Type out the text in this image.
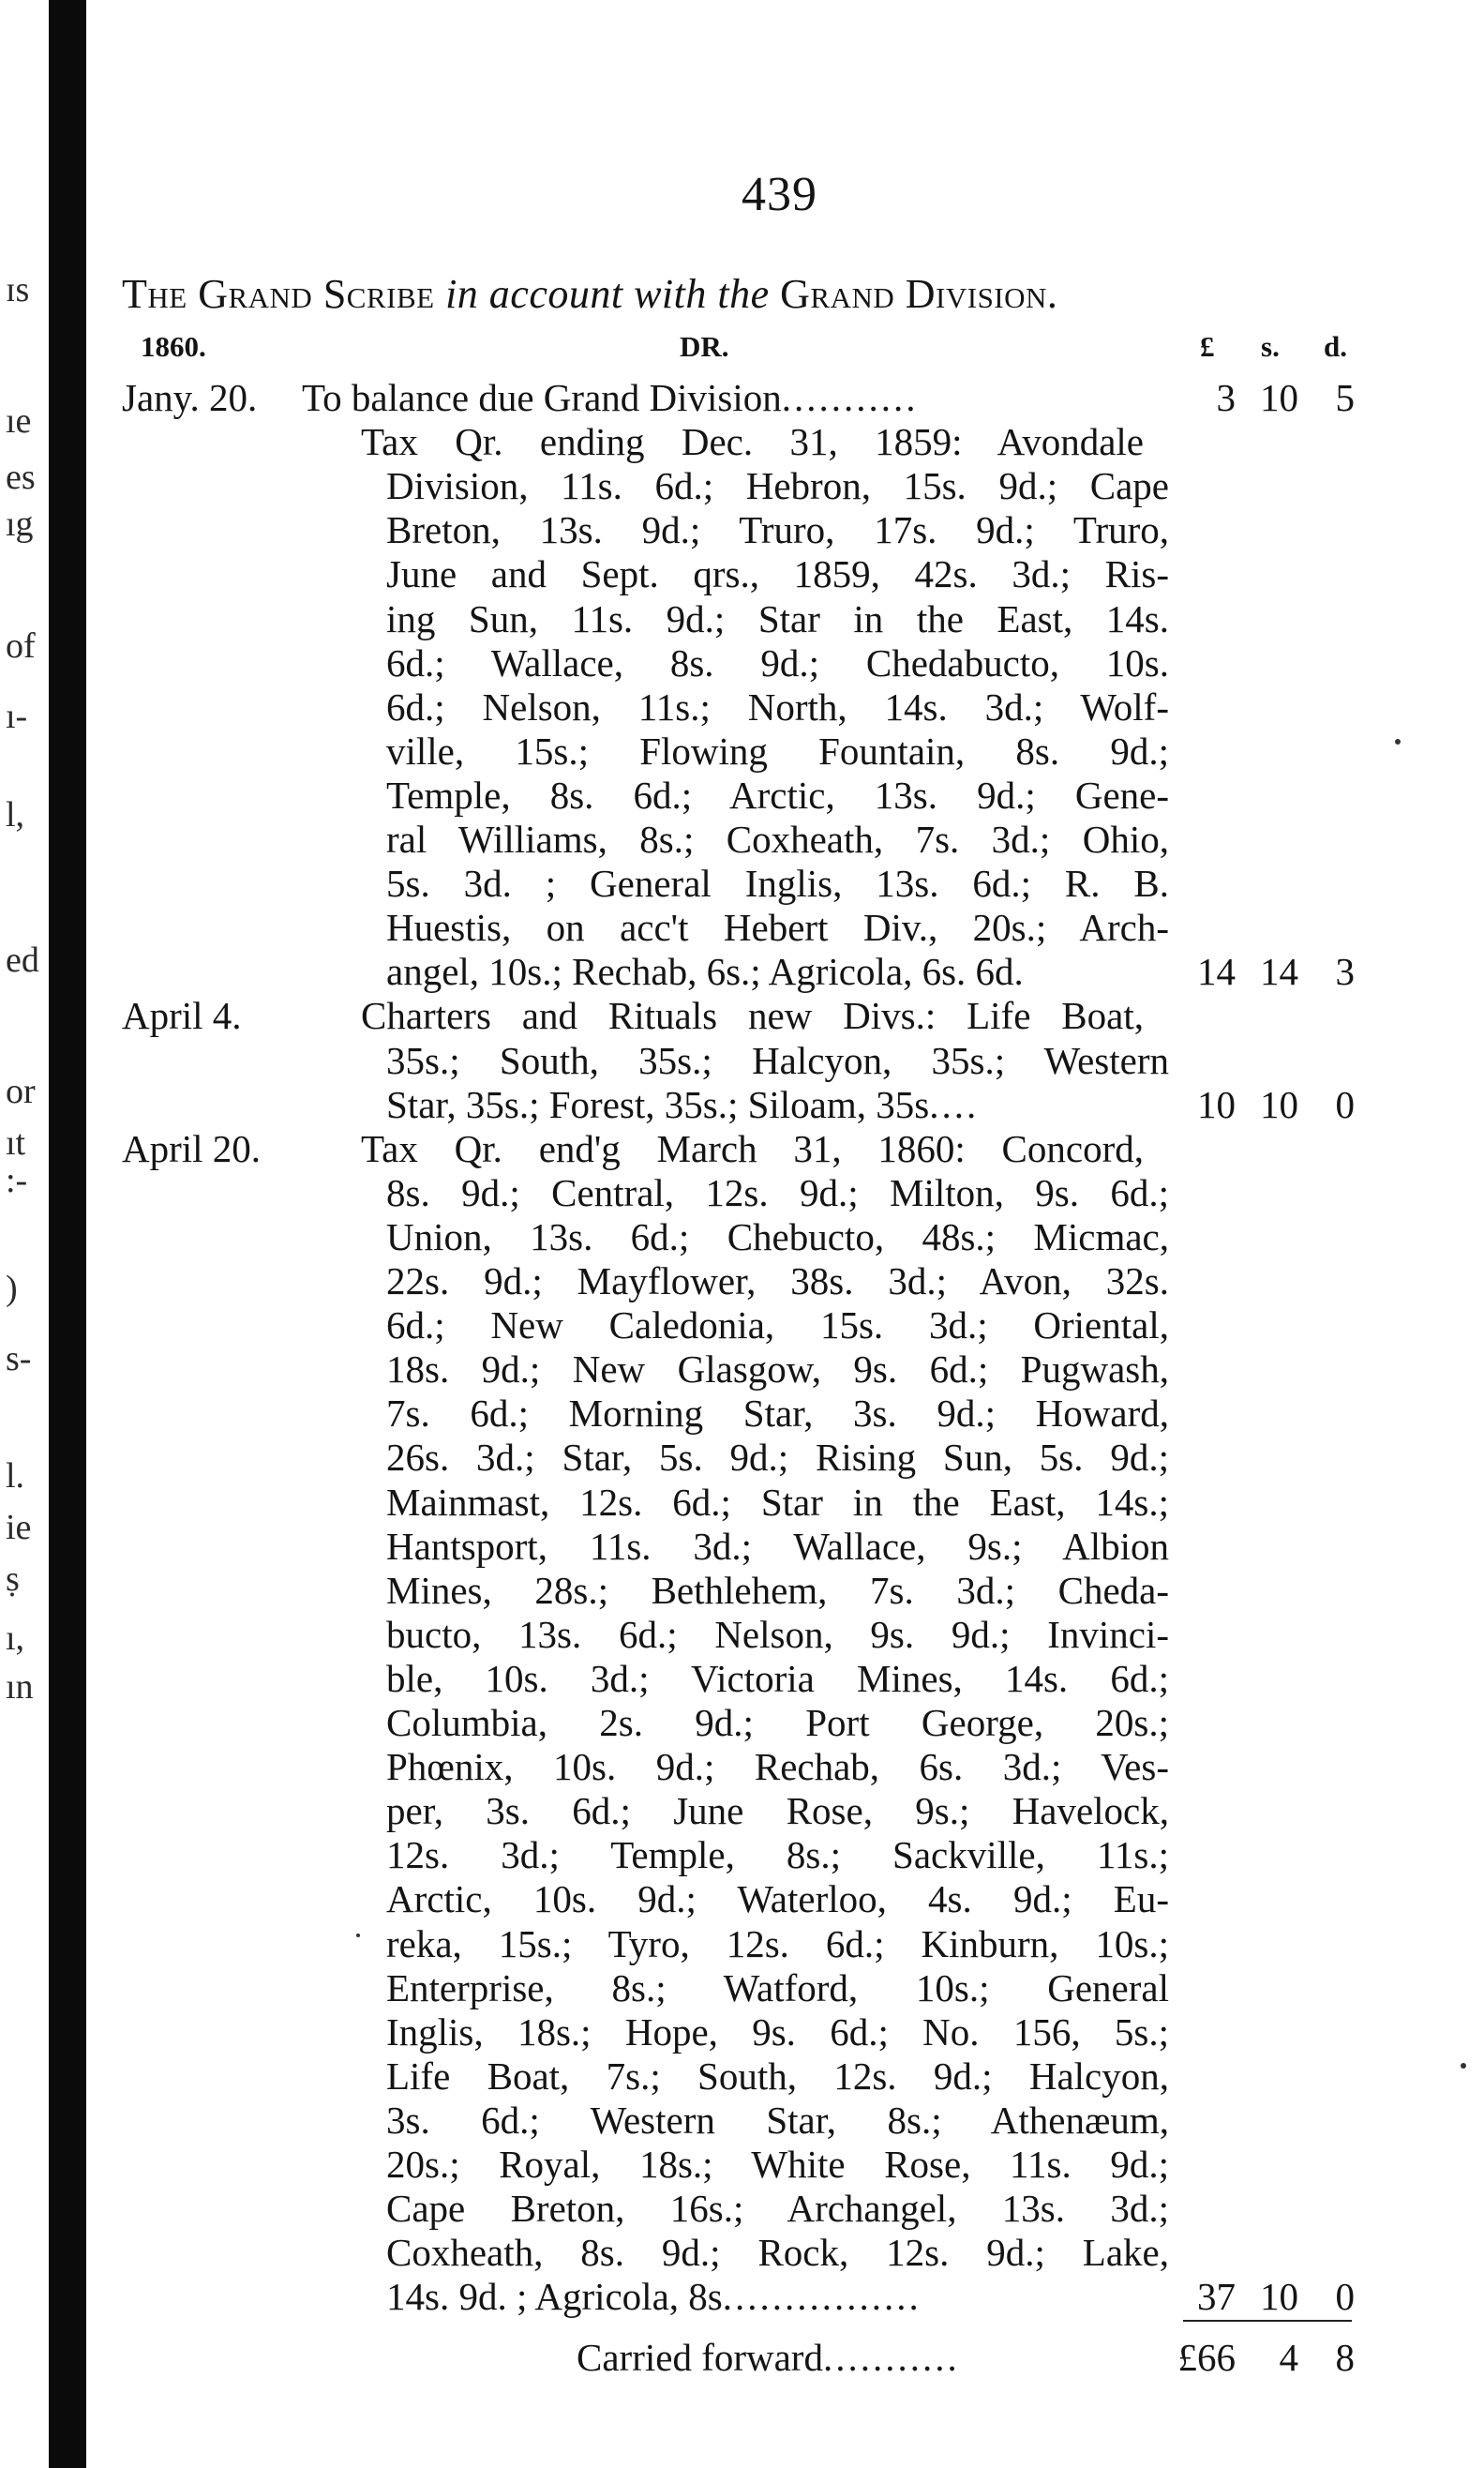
ɪs
ıe
es
ıg
of
ı-
l,
ed
or
ıt
:-
)
s-
l.
ie
ṣ
ı,
ın
439
The Grand Scribe in account with the Grand Division.
1860.	DR.	£ s. d.
Jany. 20. To balance due Grand Division...........	3 10 5
Tax Qr. ending Dec. 31, 1859: Avondale
Division, 11s. 6d.; Hebron, 15s. 9d.; Cape
Breton, 13s. 9d.; Truro, 17s. 9d.; Truro,
June and Sept. qrs., 1859, 42s. 3d.; Ris-
ing Sun, 11s. 9d.; Star in the East, 14s.
6d.; Wallace, 8s. 9d.; Chedabucto, 10s.
6d.; Nelson, 11s.; North, 14s. 3d.; Wolf-
ville, 15s.; Flowing Fountain, 8s. 9d.;
Temple, 8s. 6d.; Arctic, 13s. 9d.; Gene-
ral Williams, 8s.; Coxheath, 7s. 3d.; Ohio,
5s. 3d. ; General Inglis, 13s. 6d.; R. B.
Huestis, on acc't Hebert Div., 20s.; Arch-
angel, 10s.; Rechab, 6s.; Agricola, 6s. 6d.	14 14 3
April 4.	Charters and Rituals new Divs.: Life Boat,
35s.; South, 35s.; Halcyon, 35s.; Western
Star, 35s.; Forest, 35s.; Siloam, 35s....	10 10 0
April 20.	Tax Qr. end'g March 31, 1860: Concord,
8s. 9d.; Central, 12s. 9d.; Milton, 9s. 6d.;
Union, 13s. 6d.; Chebucto, 48s.; Micmac,
22s. 9d.; Mayflower, 38s. 3d.; Avon, 32s.
6d.; New Caledonia, 15s. 3d.; Oriental,
18s. 9d.; New Glasgow, 9s. 6d.; Pugwash,
7s. 6d.; Morning Star, 3s. 9d.; Howard,
26s. 3d.; Star, 5s. 9d.; Rising Sun, 5s. 9d.;
Mainmast, 12s. 6d.; Star in the East, 14s.;
Hantsport, 11s. 3d.; Wallace, 9s.; Albion
Mines, 28s.; Bethlehem, 7s. 3d.; Cheda-
bucto, 13s. 6d.; Nelson, 9s. 9d.; Invinci-
ble, 10s. 3d.; Victoria Mines, 14s. 6d.;
Columbia, 2s. 9d.; Port George, 20s.;
Phœnix, 10s. 9d.; Rechab, 6s. 3d.; Ves-
per, 3s. 6d.; June Rose, 9s.; Havelock,
12s. 3d.; Temple, 8s.; Sackville, 11s.;
Arctic, 10s. 9d.; Waterloo, 4s. 9d.; Eu-
reka, 15s.; Tyro, 12s. 6d.; Kinburn, 10s.;
Enterprise, 8s.; Watford, 10s.; General
Inglis, 18s.; Hope, 9s. 6d.; No. 156, 5s.;
Life Boat, 7s.; South, 12s. 9d.; Halcyon,
3s. 6d.; Western Star, 8s.; Athenæum,
20s.; Royal, 18s.; White Rose, 11s. 9d.;
Cape Breton, 16s.; Archangel, 13s. 3d.;
Coxheath, 8s. 9d.; Rock, 12s. 9d.; Lake,
14s. 9d. ; Agricola, 8s................	37 10 0
Carried forward...........	£66	4 8
